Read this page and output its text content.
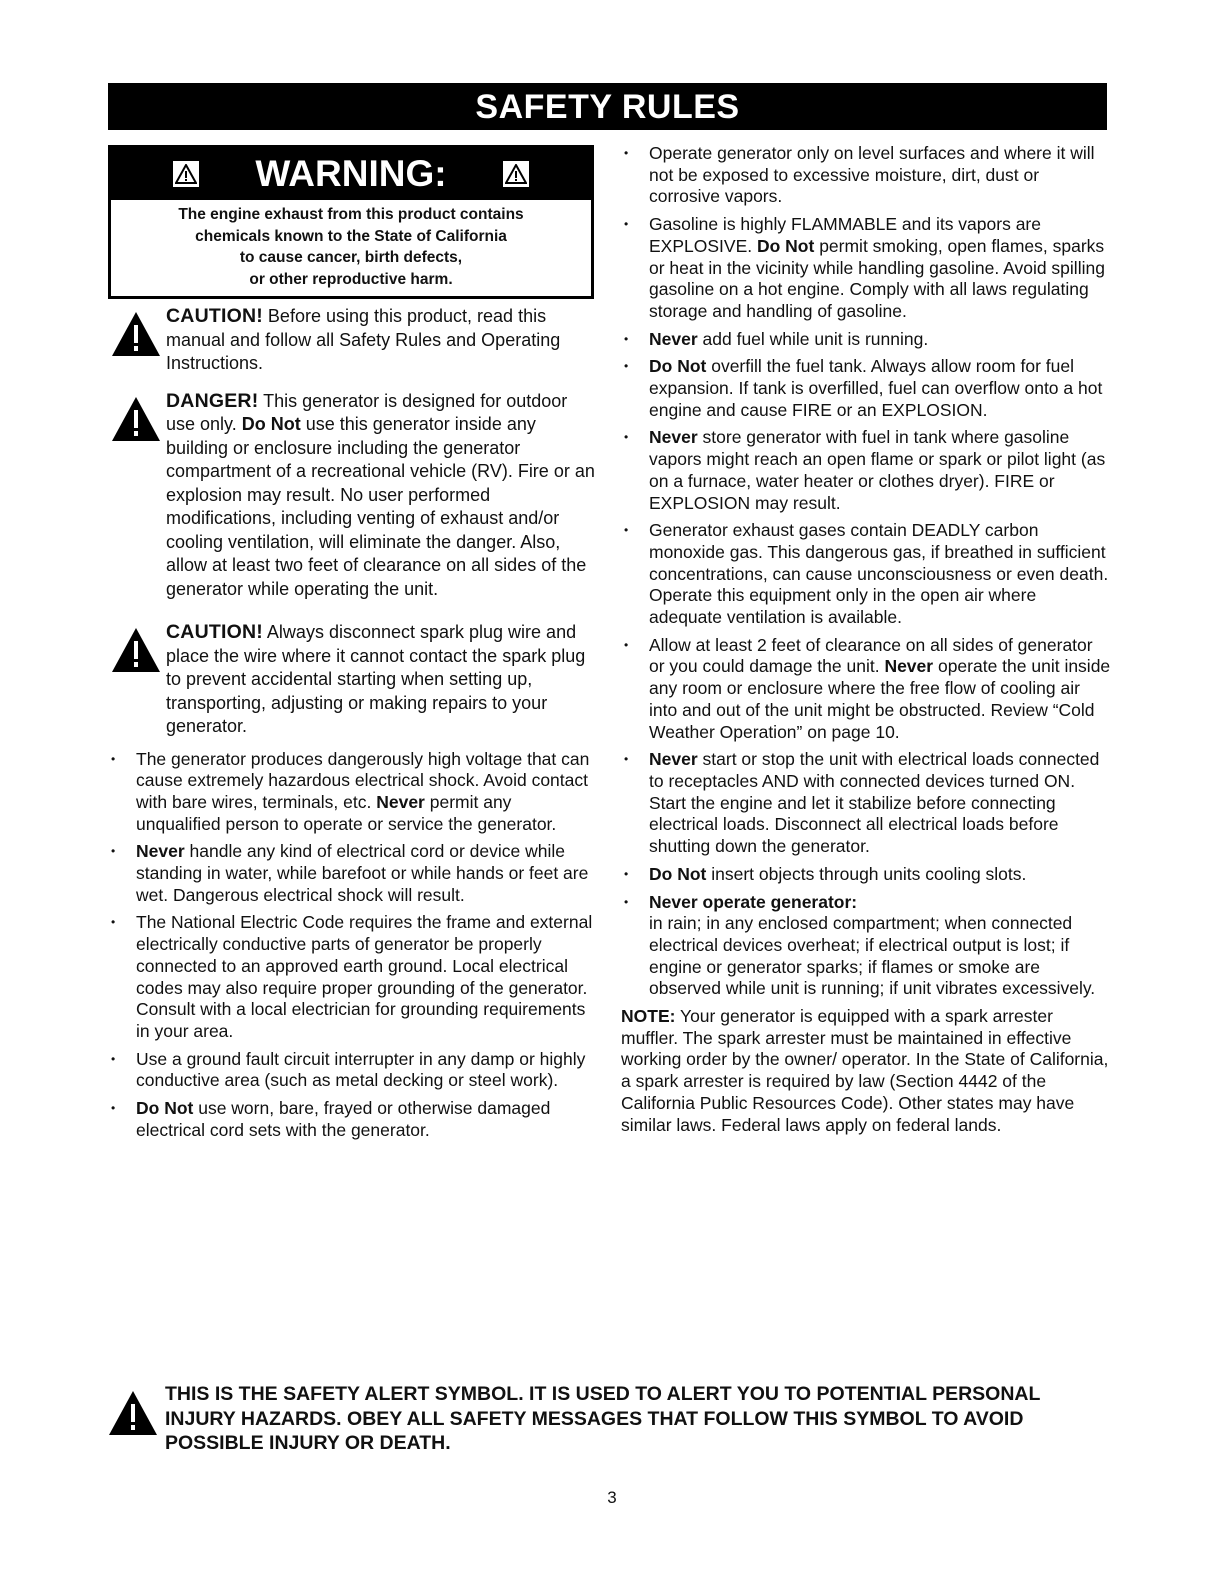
SAFETY RULES
WARNING:
The engine exhaust from this product contains
chemicals known to the State of California
to cause cancer, birth defects,
or other reproductive harm.
CAUTION! Before using this product, read this manual and follow all Safety Rules and Operating Instructions.
DANGER! This generator is designed for outdoor use only. Do Not use this generator inside any building or enclosure including the generator compartment of a recreational vehicle (RV). Fire or an explosion may result. No user performed modifications, including venting of exhaust and/or cooling ventilation, will eliminate the danger. Also, allow at least two feet of clearance on all sides of the generator while operating the unit.
CAUTION! Always disconnect spark plug wire and place the wire where it cannot contact the spark plug to prevent accidental starting when setting up, transporting, adjusting or making repairs to your generator.
• The generator produces dangerously high voltage that can cause extremely hazardous electrical shock. Avoid contact with bare wires, terminals, etc. Never permit any unqualified person to operate or service the generator.
• Never handle any kind of electrical cord or device while standing in water, while barefoot or while hands or feet are wet. Dangerous electrical shock will result.
• The National Electric Code requires the frame and external electrically conductive parts of generator be properly connected to an approved earth ground. Local electrical codes may also require proper grounding of the generator. Consult with a local electrician for grounding requirements in your area.
• Use a ground fault circuit interrupter in any damp or highly conductive area (such as metal decking or steel work).
• Do Not use worn, bare, frayed or otherwise damaged electrical cord sets with the generator.
• Operate generator only on level surfaces and where it will not be exposed to excessive moisture, dirt, dust or corrosive vapors.
• Gasoline is highly FLAMMABLE and its vapors are EXPLOSIVE. Do Not permit smoking, open flames, sparks or heat in the vicinity while handling gasoline. Avoid spilling gasoline on a hot engine. Comply with all laws regulating storage and handling of gasoline.
• Never add fuel while unit is running.
• Do Not overfill the fuel tank. Always allow room for fuel expansion. If tank is overfilled, fuel can overflow onto a hot engine and cause FIRE or an EXPLOSION.
• Never store generator with fuel in tank where gasoline vapors might reach an open flame or spark or pilot light (as on a furnace, water heater or clothes dryer). FIRE or EXPLOSION may result.
• Generator exhaust gases contain DEADLY carbon monoxide gas. This dangerous gas, if breathed in sufficient concentrations, can cause unconsciousness or even death. Operate this equipment only in the open air where adequate ventilation is available.
• Allow at least 2 feet of clearance on all sides of generator or you could damage the unit. Never operate the unit inside any room or enclosure where the free flow of cooling air into and out of the unit might be obstructed. Review “Cold Weather Operation” on page 10.
• Never start or stop the unit with electrical loads connected to receptacles AND with connected devices turned ON. Start the engine and let it stabilize before connecting electrical loads. Disconnect all electrical loads before shutting down the generator.
• Do Not insert objects through units cooling slots.
• Never operate generator:
in rain; in any enclosed compartment; when connected electrical devices overheat; if electrical output is lost; if engine or generator sparks; if flames or smoke are observed while unit is running; if unit vibrates excessively.
NOTE: Your generator is equipped with a spark arrester muffler. The spark arrester must be maintained in effective working order by the owner/ operator. In the State of California, a spark arrester is required by law (Section 4442 of the California Public Resources Code). Other states may have similar laws. Federal laws apply on federal lands.
THIS IS THE SAFETY ALERT SYMBOL. IT IS USED TO ALERT YOU TO POTENTIAL PERSONAL INJURY HAZARDS. OBEY ALL SAFETY MESSAGES THAT FOLLOW THIS SYMBOL TO AVOID POSSIBLE INJURY OR DEATH.
3
